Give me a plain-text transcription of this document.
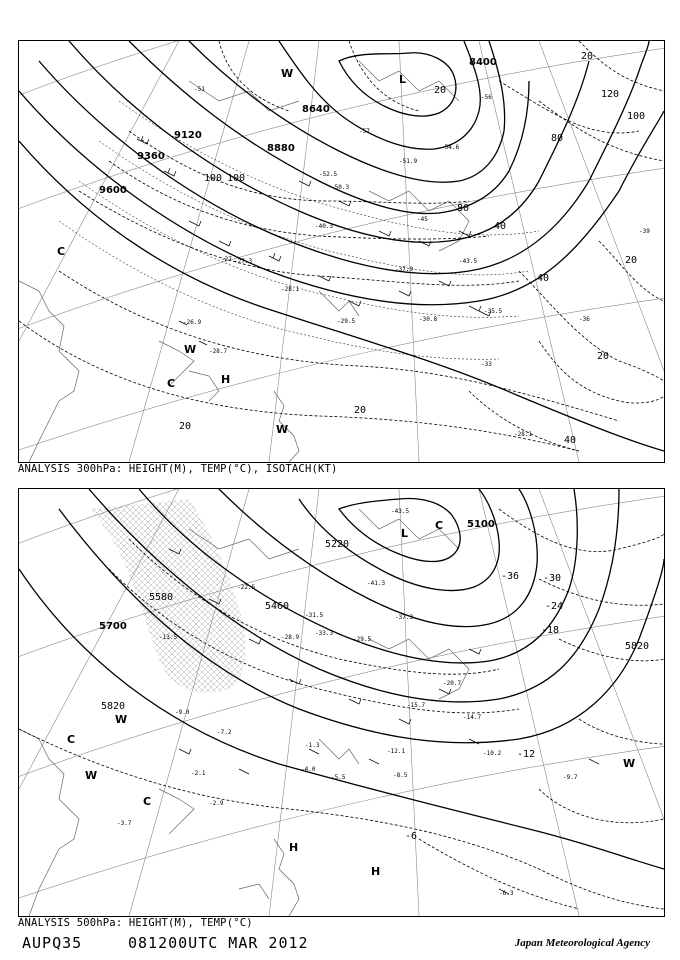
9600
9120
8880
8640
8400
9360
20
40
80
100
120
20
40
20
20
20
20
100
100
80
40
-51
-57
-52.5
-45
-39
-33
-27
-28.1
-30.8
-35.5
-43.5
-37.9
-29.5
-28.7
-28.1
-27.3
-26.9	-36
-40.3
-50.3
-51.9
-54.6
-56
L
H
C
C
W
W
W
ANALYSIS 300hPa: HEIGHT(M), TEMP(°C), ISOTACH(KT)
5700
5580
5460
5220
5100
5820
5820
-36 -30
-24
-18
-12
-6
-43.5
-41.3
-37.3
-33.3
-29.5
-20.7
-15.7
-14.7
-12.1	-10.2
-9.7
-8.5
-6.3
-5.5
-4.0
-3.7
-2.9
-2.1
-1.3
-7.2
-9.0
-13.5
-22.5
-28.9
-31.5
L
H
H
C
C
C
W
W
W
ANALYSIS 500hPa: HEIGHT(M), TEMP(°C)
AUPQ35	081200UTC MAR 2012	Japan Meteorological Agency
